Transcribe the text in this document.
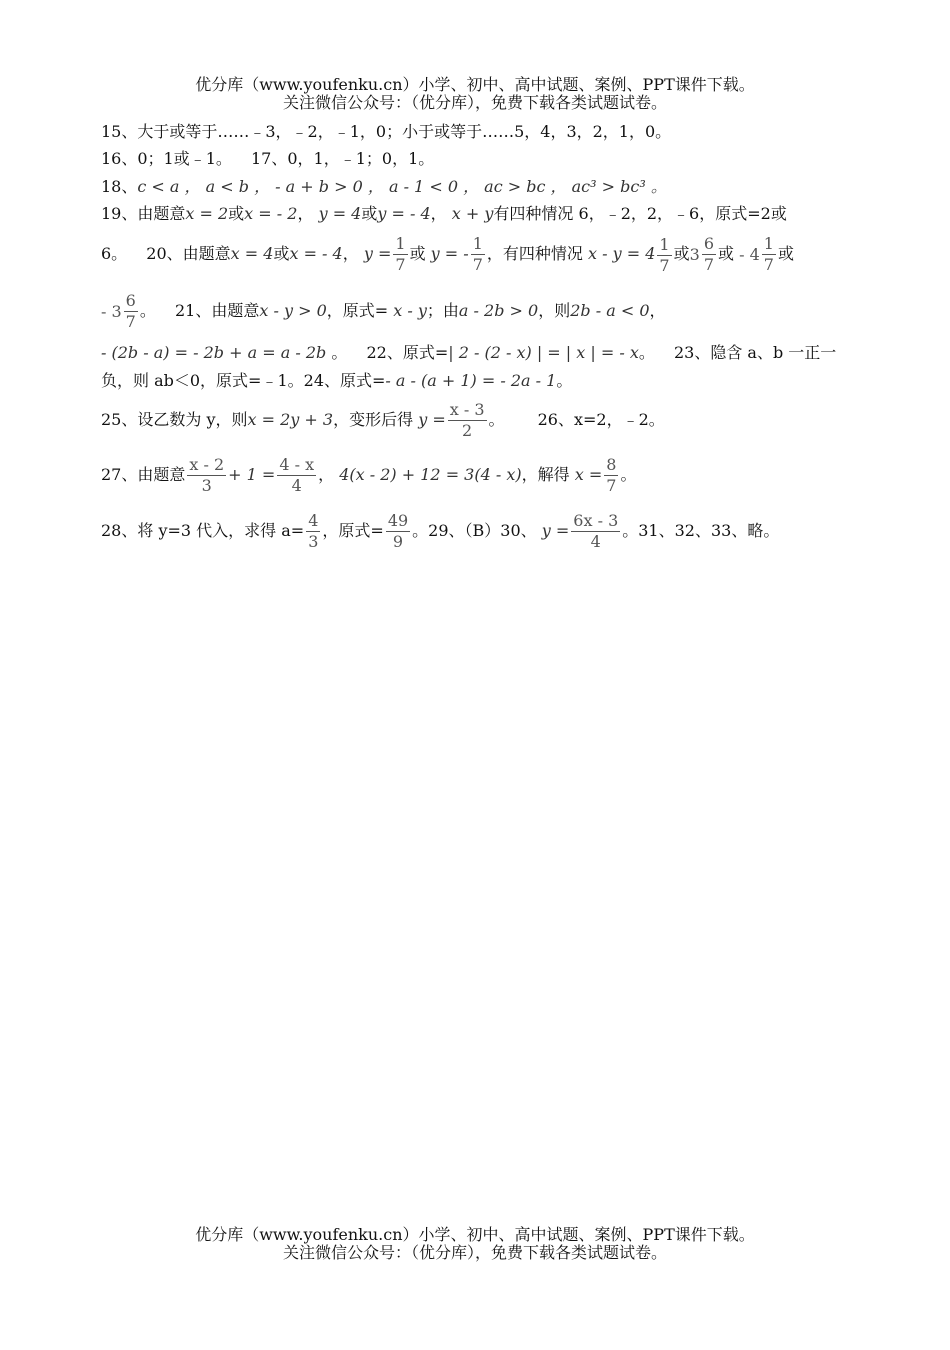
优分库（www.youfenku.cn）小学、初中、高中试题、案例、PPT课件下载。
关注微信公众号：（优分库），免费下载各类试题试卷。
15、大于或等于……﹣3，﹣2，﹣1，0；小于或等于……5，4，3，2，1，0。
16、0；1或﹣1。 17、0，1，﹣1；0，1。
18、c < a ， a < b ， - a + b > 0 ， a - 1 < 0 ， ac > bc ， ac³ > bc³ 。
19、由题意x = 2或x = - 2， y = 4或y = - 4， x + y有四种情况 6，﹣2，2，﹣6，原式=2或
6。 20、由题意x = 4或x = - 4， $y = \frac{1}{7}$ 或 y = - $\frac{1}{7}$ ，有四种情况 $x - y = 4 \frac{1}{7}$ 或$3 \frac{6}{7}$ 或 - $4 \frac{1}{7}$ 或
- $3 \frac{6}{7}$ 。 21、由题意x - y > 0，原式= x - y；由a - 2b > 0，则2b - a < 0，
- (2b - a) = - 2b + a = a - 2b 。 22、原式=| 2 - (2 - x) | = | x | = - x。 23、隐含 a、b 一正一
负，则 ab＜0，原式=﹣1。24、原式=- a - (a + 1) = - 2a - 1。
25、设乙数为 y，则x = 2y + 3，变形后得 $y = \frac{x - 3}{2}$ 。 26、x=2，﹣2。
27、由题意 $\frac{x - 2}{3} + 1 = \frac{4 - x}{4}$ ， 4(x - 2) + 12 = 3(4 - x)，解得 $x = \frac{8}{7}$ 。
28、将 y=3 代入，求得 $a= \frac{4}{3}$ ，原式= $\frac{49}{9}$ 。29、（B）30、 $y = \frac{6x - 3}{4}$ 。31、32、33、略。
优分库（www.youfenku.cn）小学、初中、高中试题、案例、PPT课件下载。
关注微信公众号：（优分库），免费下载各类试题试卷。
